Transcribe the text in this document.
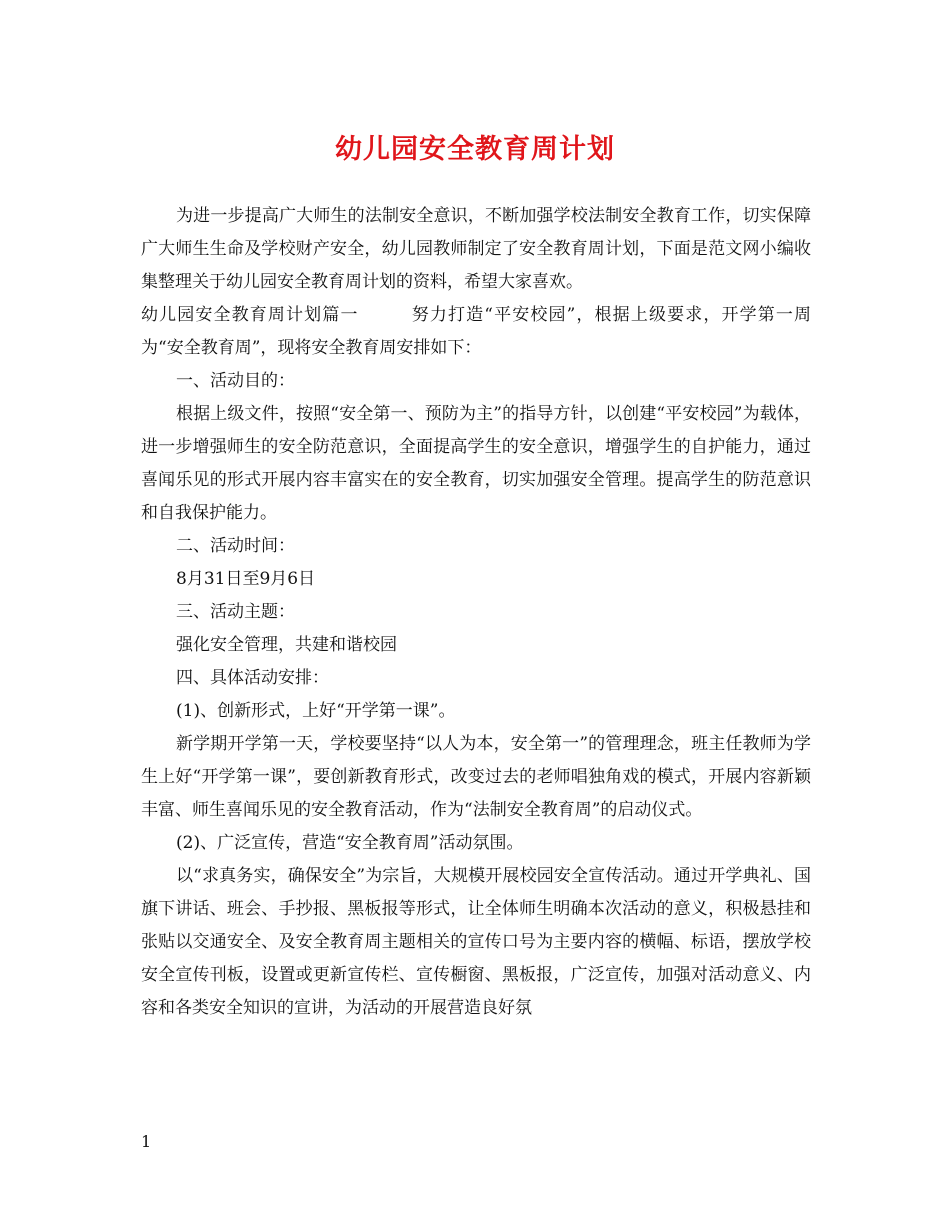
幼儿园安全教育周计划

为进一步提高广大师生的法制安全意识，不断加强学校法制安全教育工作，切实保障广大师生生命及学校财产安全，幼儿园教师制定了安全教育周计划，下面是范文网小编收集整理关于幼儿园安全教育周计划的资料，希望大家喜欢。

幼儿园安全教育周计划篇一	努力打造“平安校园”，根据上级要求，开学第一周为“安全教育周”，现将安全教育周安排如下：

一、活动目的：

根据上级文件，按照“安全第一、预防为主”的指导方针，以创建“平安校园”为载体，进一步增强师生的安全防范意识，全面提高学生的安全意识，增强学生的自护能力，通过喜闻乐见的形式开展内容丰富实在的安全教育，切实加强安全管理。提高学生的防范意识和自我保护能力。

二、活动时间：

8月31日至9月6日

三、活动主题：

强化安全管理，共建和谐校园

四、具体活动安排：

(1)、创新形式，上好“开学第一课”。

新学期开学第一天，学校要坚持“以人为本，安全第一”的管理理念，班主任教师为学生上好“开学第一课”，要创新教育形式，改变过去的老师唱独角戏的模式，开展内容新颖丰富、师生喜闻乐见的安全教育活动，作为“法制安全教育周”的启动仪式。

(2)、广泛宣传，营造“安全教育周”活动氛围。

以“求真务实，确保安全”为宗旨，大规模开展校园安全宣传活动。通过开学典礼、国旗下讲话、班会、手抄报、黑板报等形式，让全体师生明确本次活动的意义，积极悬挂和张贴以交通安全、及安全教育周主题相关的宣传口号为主要内容的横幅、标语，摆放学校安全宣传刊板，设置或更新宣传栏、宣传橱窗、黑板报，广泛宣传，加强对活动意义、内容和各类安全知识的宣讲，为活动的开展营造良好氛

1
